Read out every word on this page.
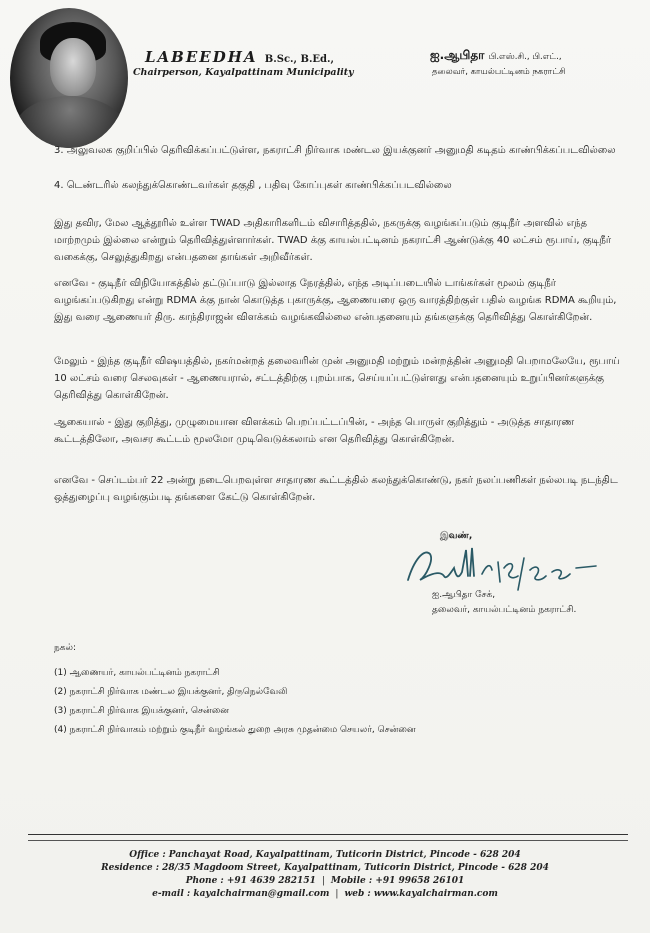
LABEEDHA B.Sc., B.Ed.,
Chairperson, Kayalpattinam Municipality
ஐ.ஆபிதா பி.எஸ்.சி., பி.எட்.,
தலைவர், காயல்பட்டினம் நகராட்சி
3. அலுவலக குறிப்பில் தெரிவிக்கப்பட்டுள்ள, நகராட்சி நிர்வாக மண்டல இயக்குனர் அனுமதி கடிதம் காண்பிக்கப்படவில்லை
4. டெண்டரில் கலந்துக்கொண்டவர்கள் தகுதி , பதிவு கோப்புகள் காண்பிக்கப்படவில்லை
இது தவிர, மேல ஆத்தூரில் உள்ள TWAD அதிகாரிகளிடம் விசாரித்ததில், நகருக்கு வழங்கப்படும் குடிநீர் அளவில் எந்த மாற்றமும் இல்லை என்றும் தெரிவித்துள்ளார்கள். TWAD க்கு காயல்பட்டினம் நகராட்சி ஆண்டுக்கு 40 லட்சம் ரூபாய், குடிநீர் வகைக்கு, செலுத்துகிறது என்பதனை தாங்கள் அறிவீர்கள்.
எனவே - குடிநீர் விநியோகத்தில் தட்டுப்பாடு இல்லாத நேரத்தில், எந்த அடிப்படையில் டாங்கர்கள் மூலம் குடிநீர் வழங்கப்படுகிறது என்று RDMA க்கு நான் கொடுத்த புகாருக்கு, ஆணையரை ஒரு வாரத்திற்குள் பதில் வழங்க RDMA கூறியும், இது வரை ஆணையர் திரு. காந்திராஜன் விளக்கம் வழங்கவில்லை என்பதனையும் தங்களுக்கு தெரிவித்து கொள்கிறேன்.
மேலும் - இந்த குடிநீர் விஷயத்தில், நகர்மன்றத் தலைவரின் முன் அனுமதி மற்றும் மன்றத்தின் அனுமதி பெறாமலேயே, ரூபாய் 10 லட்சம் வரை செலவுகள் - ஆணையரால், சட்டத்திற்கு புறம்பாக, செய்யப்பட்டுள்ளது என்பதனையும் உறுப்பினர்களுக்கு தெரிவித்து கொள்கிறேன்.
ஆகையால் - இது குறித்து, முழுமையான விளக்கம் பெறப்பட்டப்பின், - அந்த பொருள் குறித்தும் - அடுத்த சாதாரண கூட்டத்திலோ, அவசர கூட்டம் மூலமோ முடிவெடுக்கலாம் என தெரிவித்து கொள்கிறேன்.
எனவே - செப்டம்பர் 22 அன்று நடைபெறவுள்ள சாதாரண கூட்டத்தில் கலந்துக்கொண்டு, நகர் நலப்பணிகள் நல்லபடி நடந்திட ஒத்துழைப்பு வழங்கும்படி தங்களை கேட்டு கொள்கிறேன்.
இவண்,
ஐ.ஆபிதா சேக்,
தலைவர், காயல்பட்டினம் நகராட்சி.
நகல்:
(1) ஆணையர், காயல்பட்டினம் நகராட்சி
(2) நகராட்சி நிர்வாக மண்டல இயக்குனர், திருநெல்வேலி
(3) நகராட்சி நிர்வாக இயக்குனர், சென்னை
(4) நகராட்சி நிர்வாகம் மற்றும் குடிநீர் வழங்கல் துறை அரசு முதன்மை செயலர், சென்னை
Office : Panchayat Road, Kayalpattinam, Tuticorin District, Pincode - 628 204
Residence : 28/35 Magdoom Street, Kayalpattinam, Tuticorin District, Pincode - 628 204
Phone : +91 4639 282151  |  Mobile : +91 99658 26101
e-mail : kayalchairman@gmail.com  |  web : www.kayalchairman.com
